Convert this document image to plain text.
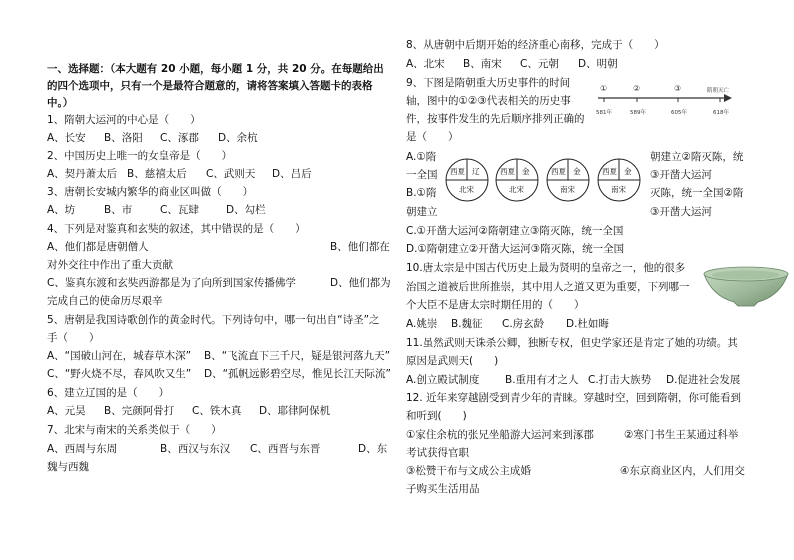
一、选择题：（本大题有 20 小题，每小题 1 分，共 20 分。在每题给出
的四个选项中，只有一个是最符合题意的，请将答案填入答题卡的表格
中。）
1、隋朝大运河的中心是（　　）
A、长安 B、洛阳 C、涿郡 D、余杭
2、中国历史上唯一的女皇帝是（　　）
A、契丹萧太后 B、慈禧太后 C、武则天 D、吕后
3、唐朝长安城内繁华的商业区叫做（　　）
A、坊	B、市	C、瓦肆	D、勾栏
4、下列是对鉴真和玄奘的叙述，其中错误的是（　　）
A、他们都是唐朝僧人	B、他们都在
对外交往中作出了重大贡献
C、鉴真东渡和玄奘西游都是为了向所到国家传播佛学	D、他们都为
完成自己的使命历尽艰辛
5、唐朝是我国诗歌创作的黄金时代。下列诗句中，哪一句出自“诗圣”之
手（　　）
A、“国破山河在，城春草木深” B、“飞流直下三千尺，疑是银河落九天”
C、“野火烧不尽，春风吹又生” D、“孤帆远影碧空尽，惟见长江天际流”
6、建立辽国的是（　　）
A、元昊 B、完颜阿骨打 C、铁木真 D、耶律阿保机
7、北宋与南宋的关系类似于（　　）
A、西周与东周	B、西汉与东汉 C、西晋与东晋	D、东
魏与西魏
8、从唐朝中后期开始的经济重心南移，完成于（　　）
A、北宋 B、南宋 C、元朝 D、明朝
9、下图是隋朝重大历史事件的时间
轴，图中的①②③代表相关的历史事
件，按事件发生的先后顺序排列正确的
是（　　）
①	②	③	隋朝灭亡
581年	589年	605年	618年
A.①隋	朝建立②隋灭陈，统
一全国	③开凿大运河
B.①隋	灭陈，统一全国②隋
朝建立	③开凿大运河
西夏 辽
北宋
西夏 金
北宋
西夏 金
南宋
西夏 金
南宋
C.①开凿大运河②隋朝建立③隋灭陈，统一全国
D.①隋朝建立②开凿大运河③隋灭陈，统一全国
10.唐太宗是中国古代历史上最为贤明的皇帝之一，他的很多
治国之道被后世所推崇，其中用人之道又更为重要，下列哪一
个大臣不是唐太宗时期任用的（　　）
A.姚崇 B.魏征 C.房玄龄 D.杜如晦
11.虽然武则天诛杀公卿，独断专权，但史学家还是肯定了她的功绩。其
原因是武则天(　　)
A.创立殿试制度 B.重用有才之人 C.打击大族势 D.促进社会发展
12. 近年来穿越剧受到青少年的青睐。穿越时空，回到隋朝，你可能看到
和听到(　　)
①家住余杭的张兄坐船游大运河来到涿郡	②寒门书生王某通过科举
考试获得官职
③松赞干布与文成公主成婚	④东京商业区内，人们用交
子购买生活用品
